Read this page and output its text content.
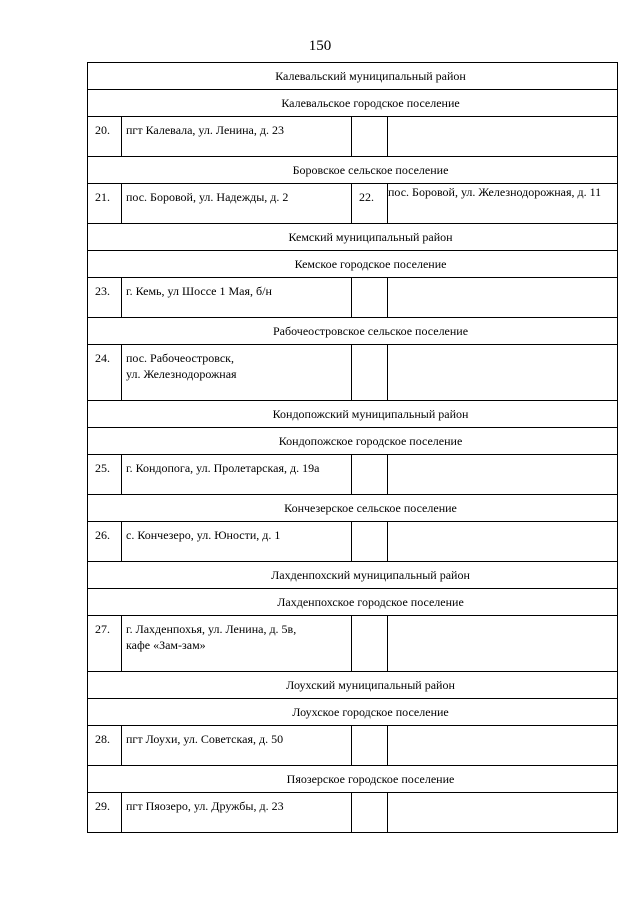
150
Калевальский муниципальный район			
Калевальское городское поселение			
20.	пгт Калевала, ул. Ленина, д. 23		
Боровское сельское поселение			
21.	пос. Боровой, ул. Надежды, д. 2	22.	пос. Боровой, ул. Железнодорожная, д. 11
Кемский муниципальный район			
Кемское городское поселение			
23.	г. Кемь, ул Шоссе 1 Мая, б/н		
Рабочеостровское сельское поселение			
24.	пос. Рабочеостровск,
ул. Железнодорожная		
Кондопожский муниципальный район			
Кондопожское городское поселение			
25.	г. Кондопога, ул. Пролетарская, д. 19а		
Кончезерское сельское поселение			
26.	с. Кончезеро, ул. Юности, д. 1		
Лахденпохский муниципальный район			
Лахденпохское городское поселение			
27.	г. Лахденпохья, ул. Ленина, д. 5в,
кафе «Зам-зам»		
Лоухский муниципальный район			
Лоухское городское поселение			
28.	пгт Лоухи, ул. Советская, д. 50		
Пяозерское городское поселение			
29.	пгт Пяозеро, ул. Дружбы, д. 23		
